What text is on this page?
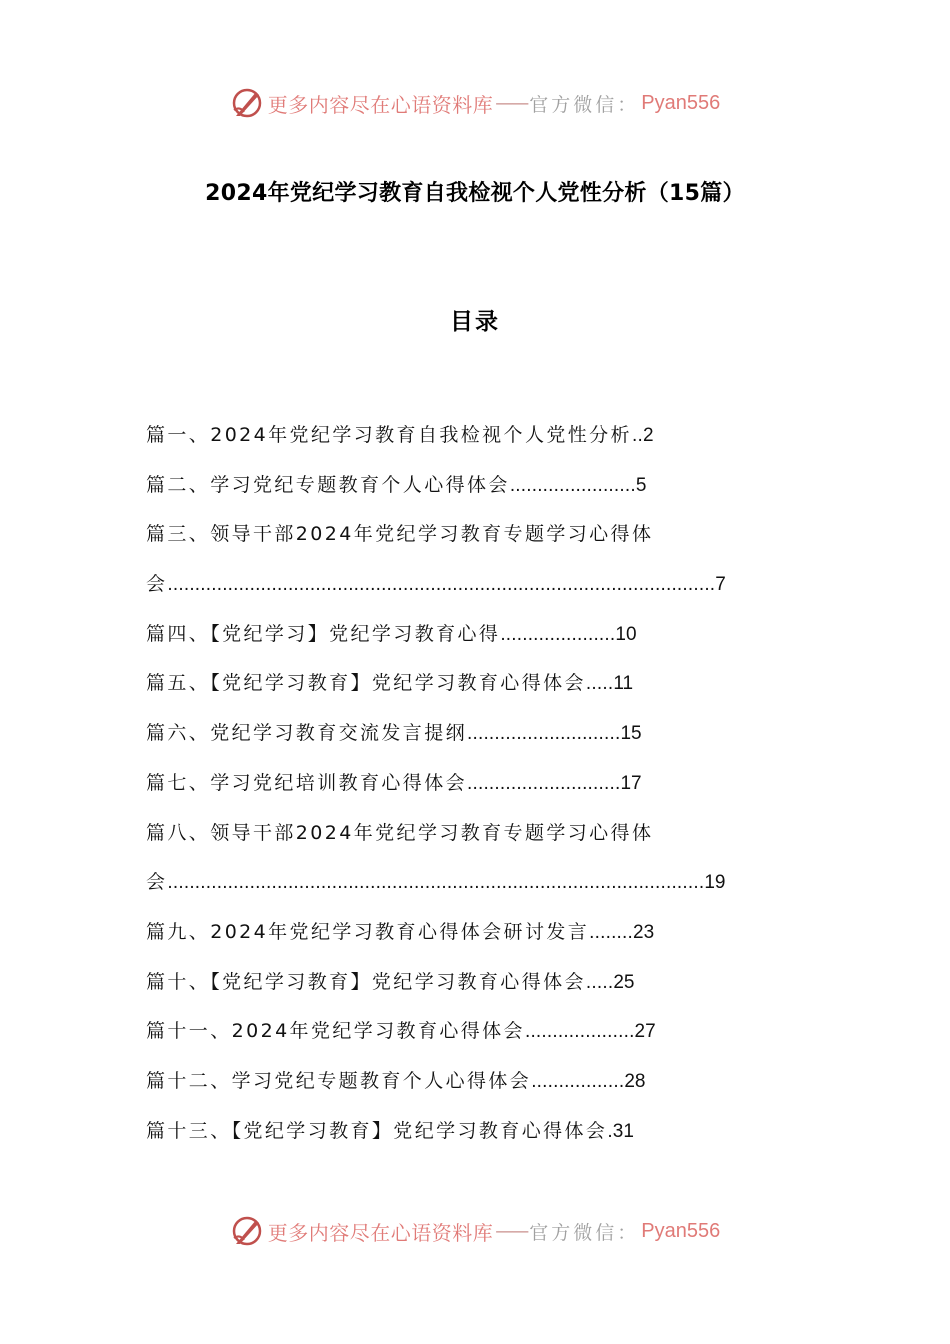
更多内容尽在心语资料库 —— 官方微信： Pyan556
2024年党纪学习教育自我检视个人党性分析（15篇）
目录
篇一、2024年党纪学习教育自我检视个人党性分析..2
篇二、学习党纪专题教育个人心得体会.......................5
篇三、领导干部2024年党纪学习教育专题学习心得体
会....................................................................................................7
篇四、【党纪学习】党纪学习教育心得.....................10
篇五、【党纪学习教育】党纪学习教育心得体会.....11
篇六、党纪学习教育交流发言提纲............................15
篇七、学习党纪培训教育心得体会............................17
篇八、领导干部2024年党纪学习教育专题学习心得体
会..................................................................................................19
篇九、2024年党纪学习教育心得体会研讨发言........23
篇十、【党纪学习教育】党纪学习教育心得体会.....25
篇十一、2024年党纪学习教育心得体会....................27
篇十二、学习党纪专题教育个人心得体会.................28
篇十三、【党纪学习教育】党纪学习教育心得体会.31
更多内容尽在心语资料库 —— 官方微信： Pyan556
